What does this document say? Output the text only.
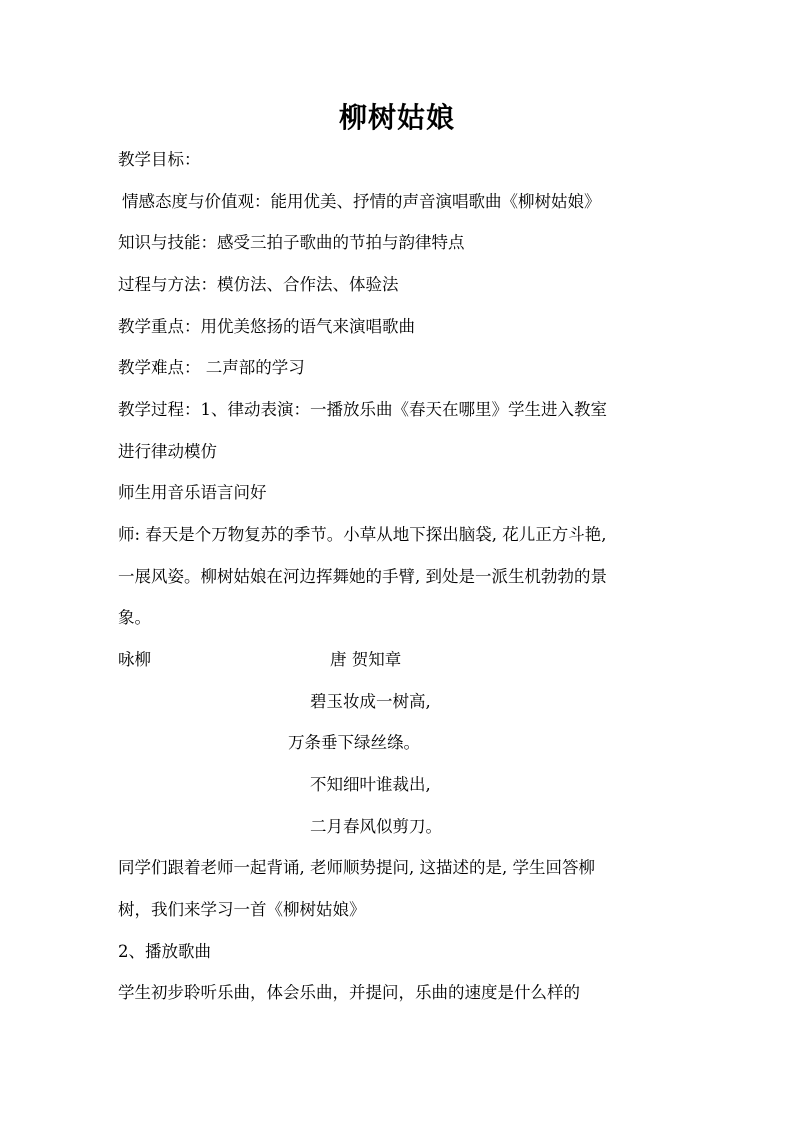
柳树姑娘
教学目标：
情感态度与价值观：能用优美、抒情的声音演唱歌曲《柳树姑娘》
知识与技能：感受三拍子歌曲的节拍与韵律特点
过程与方法：模仿法、合作法、体验法
教学重点：用优美悠扬的语气来演唱歌曲
教学难点： 二声部的学习
教学过程：1、律动表演：一播放乐曲《春天在哪里》学生进入教室
进行律动模仿
师生用音乐语言问好
师: 春天是个万物复苏的季节。小草从地下探出脑袋, 花儿正方斗艳,
一展风姿。柳树姑娘在河边挥舞她的手臂, 到处是一派生机勃勃的景
象。
咏柳	唐 贺知章
碧玉妆成一树高,
万条垂下绿丝绦。
不知细叶谁裁出,
二月春风似剪刀。
同学们跟着老师一起背诵, 老师顺势提问, 这描述的是, 学生回答柳
树，我们来学习一首《柳树姑娘》
2、播放歌曲
学生初步聆听乐曲，体会乐曲，并提问，乐曲的速度是什么样的
